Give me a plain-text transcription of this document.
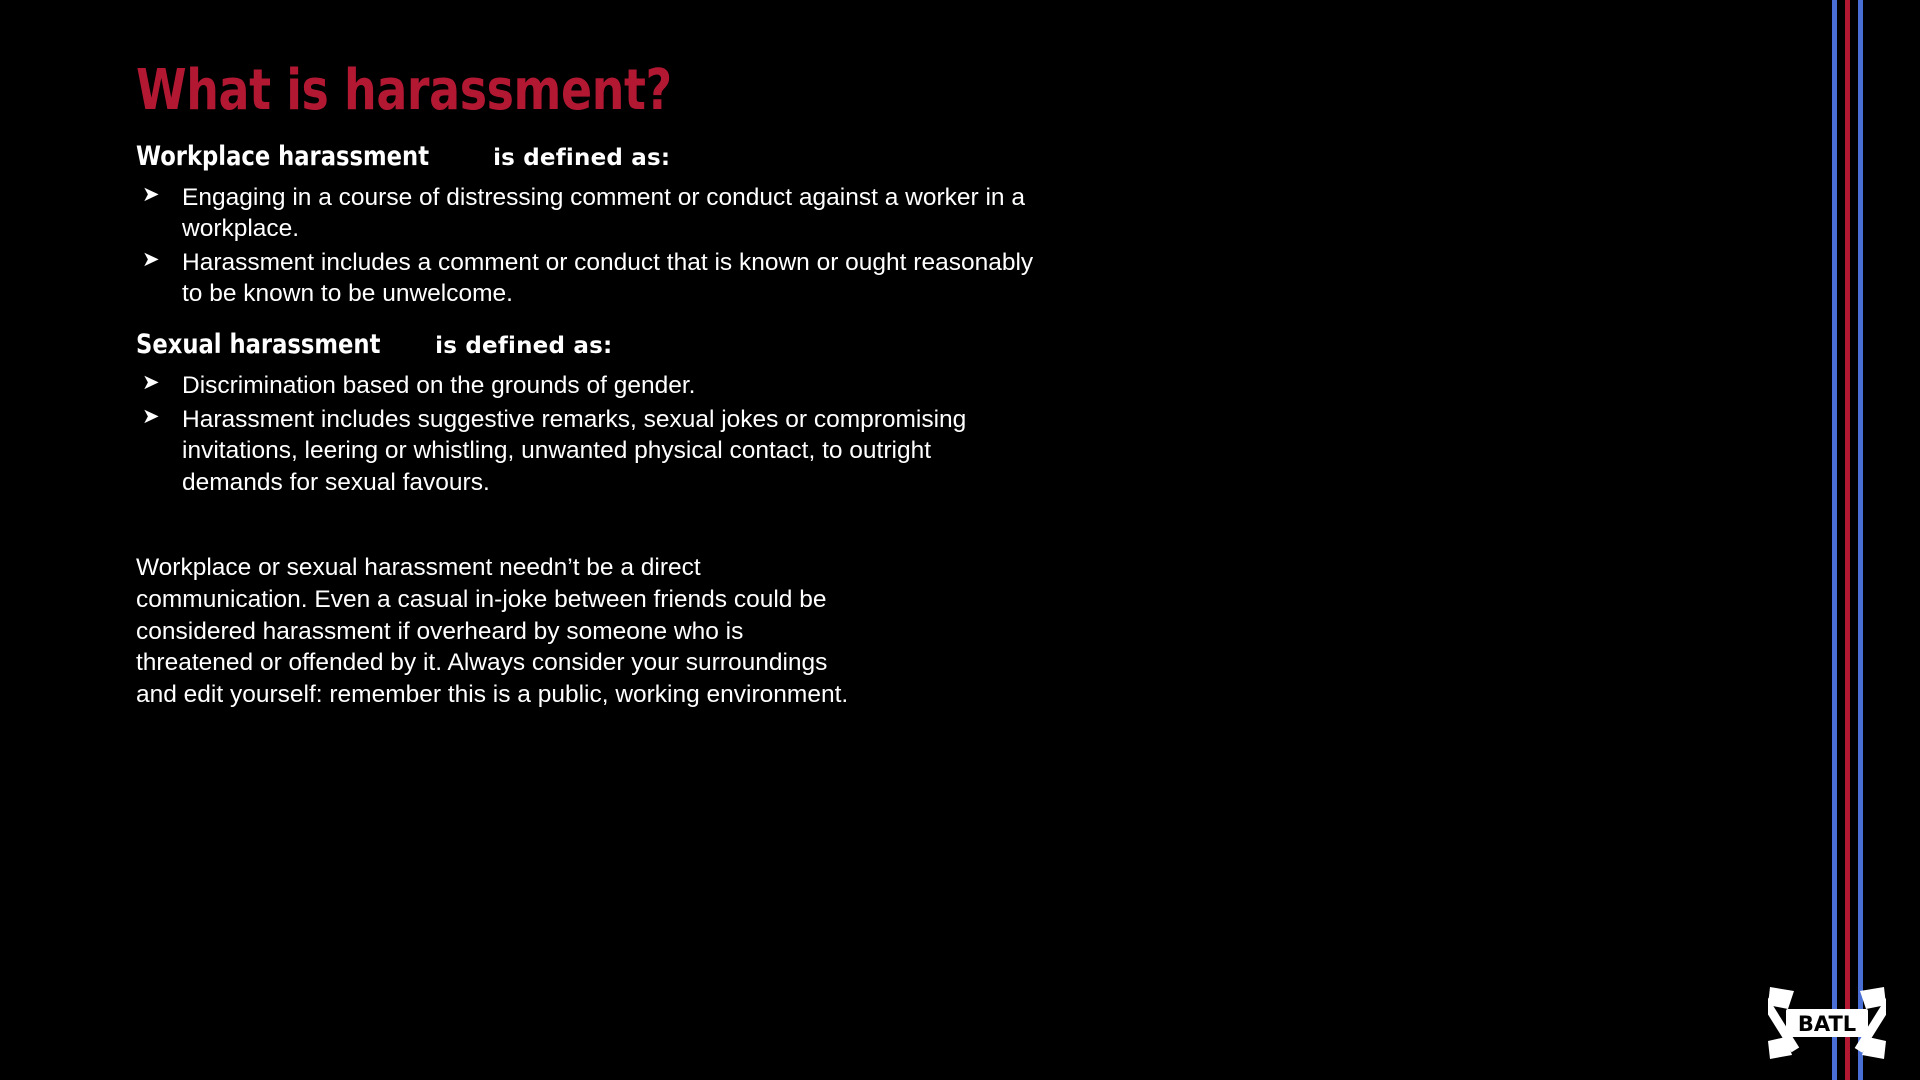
What is harassment?
Workplace harassment is defined as:
➤ Engaging in a course of distressing comment or conduct against a worker in a workplace.
➤ Harassment includes a comment or conduct that is known or ought reasonably to be known to be unwelcome.
Sexual harassment is defined as:
➤ Discrimination based on the grounds of gender.
➤ Harassment includes suggestive remarks, sexual jokes or compromising invitations, leering or whistling, unwanted physical contact, to outright demands for sexual favours.

Workplace or sexual harassment needn’t be a direct communication. Even a casual in-joke between friends could be considered harassment if overheard by someone who is threatened or offended by it. Always consider your surroundings and edit yourself: remember this is a public, working environment.

BATL
